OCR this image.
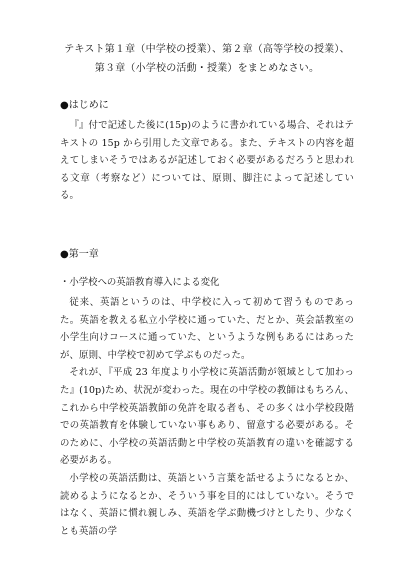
テキスト第１章（中学校の授業）、第２章（高等学校の授業）、第３章（小学校の活動・授業）をまとめなさい。

●はじめに

『』付で記述した後に(15p)のように書かれている場合、それはテキストの 15p から引用した文章である。また、テキストの内容を超えてしまいそうではあるが記述しておく必要があるだろうと思われる文章（考察など）については、原則、脚注によって記述している。

●第一章

・小学校への英語教育導入による変化

従来、英語というのは、中学校に入って初めて習うものであった。英語を教える私立小学校に通っていた、だとか、英会話教室の小学生向けコースに通っていた、というような例もあるにはあったが、原則、中学校で初めて学ぶものだった。

それが、『平成 23 年度より小学校に英語活動が領域として加わった』(10p)ため、状況が変わった。現在の中学校の教師はもちろん、これから中学校英語教師の免許を取る者も、その多くは小学校段階での英語教育を体験していない事もあり、留意する必要がある。そのために、小学校の英語活動と中学校の英語教育の違いを確認する必要がある。

小学校の英語活動は、英語という言葉を話せるようになるとか、読めるようになるとか、そういう事を目的にはしていない。そうではなく、英語に慣れ親しみ、英語を学ぶ動機づけとしたり、少なくとも英語の学
